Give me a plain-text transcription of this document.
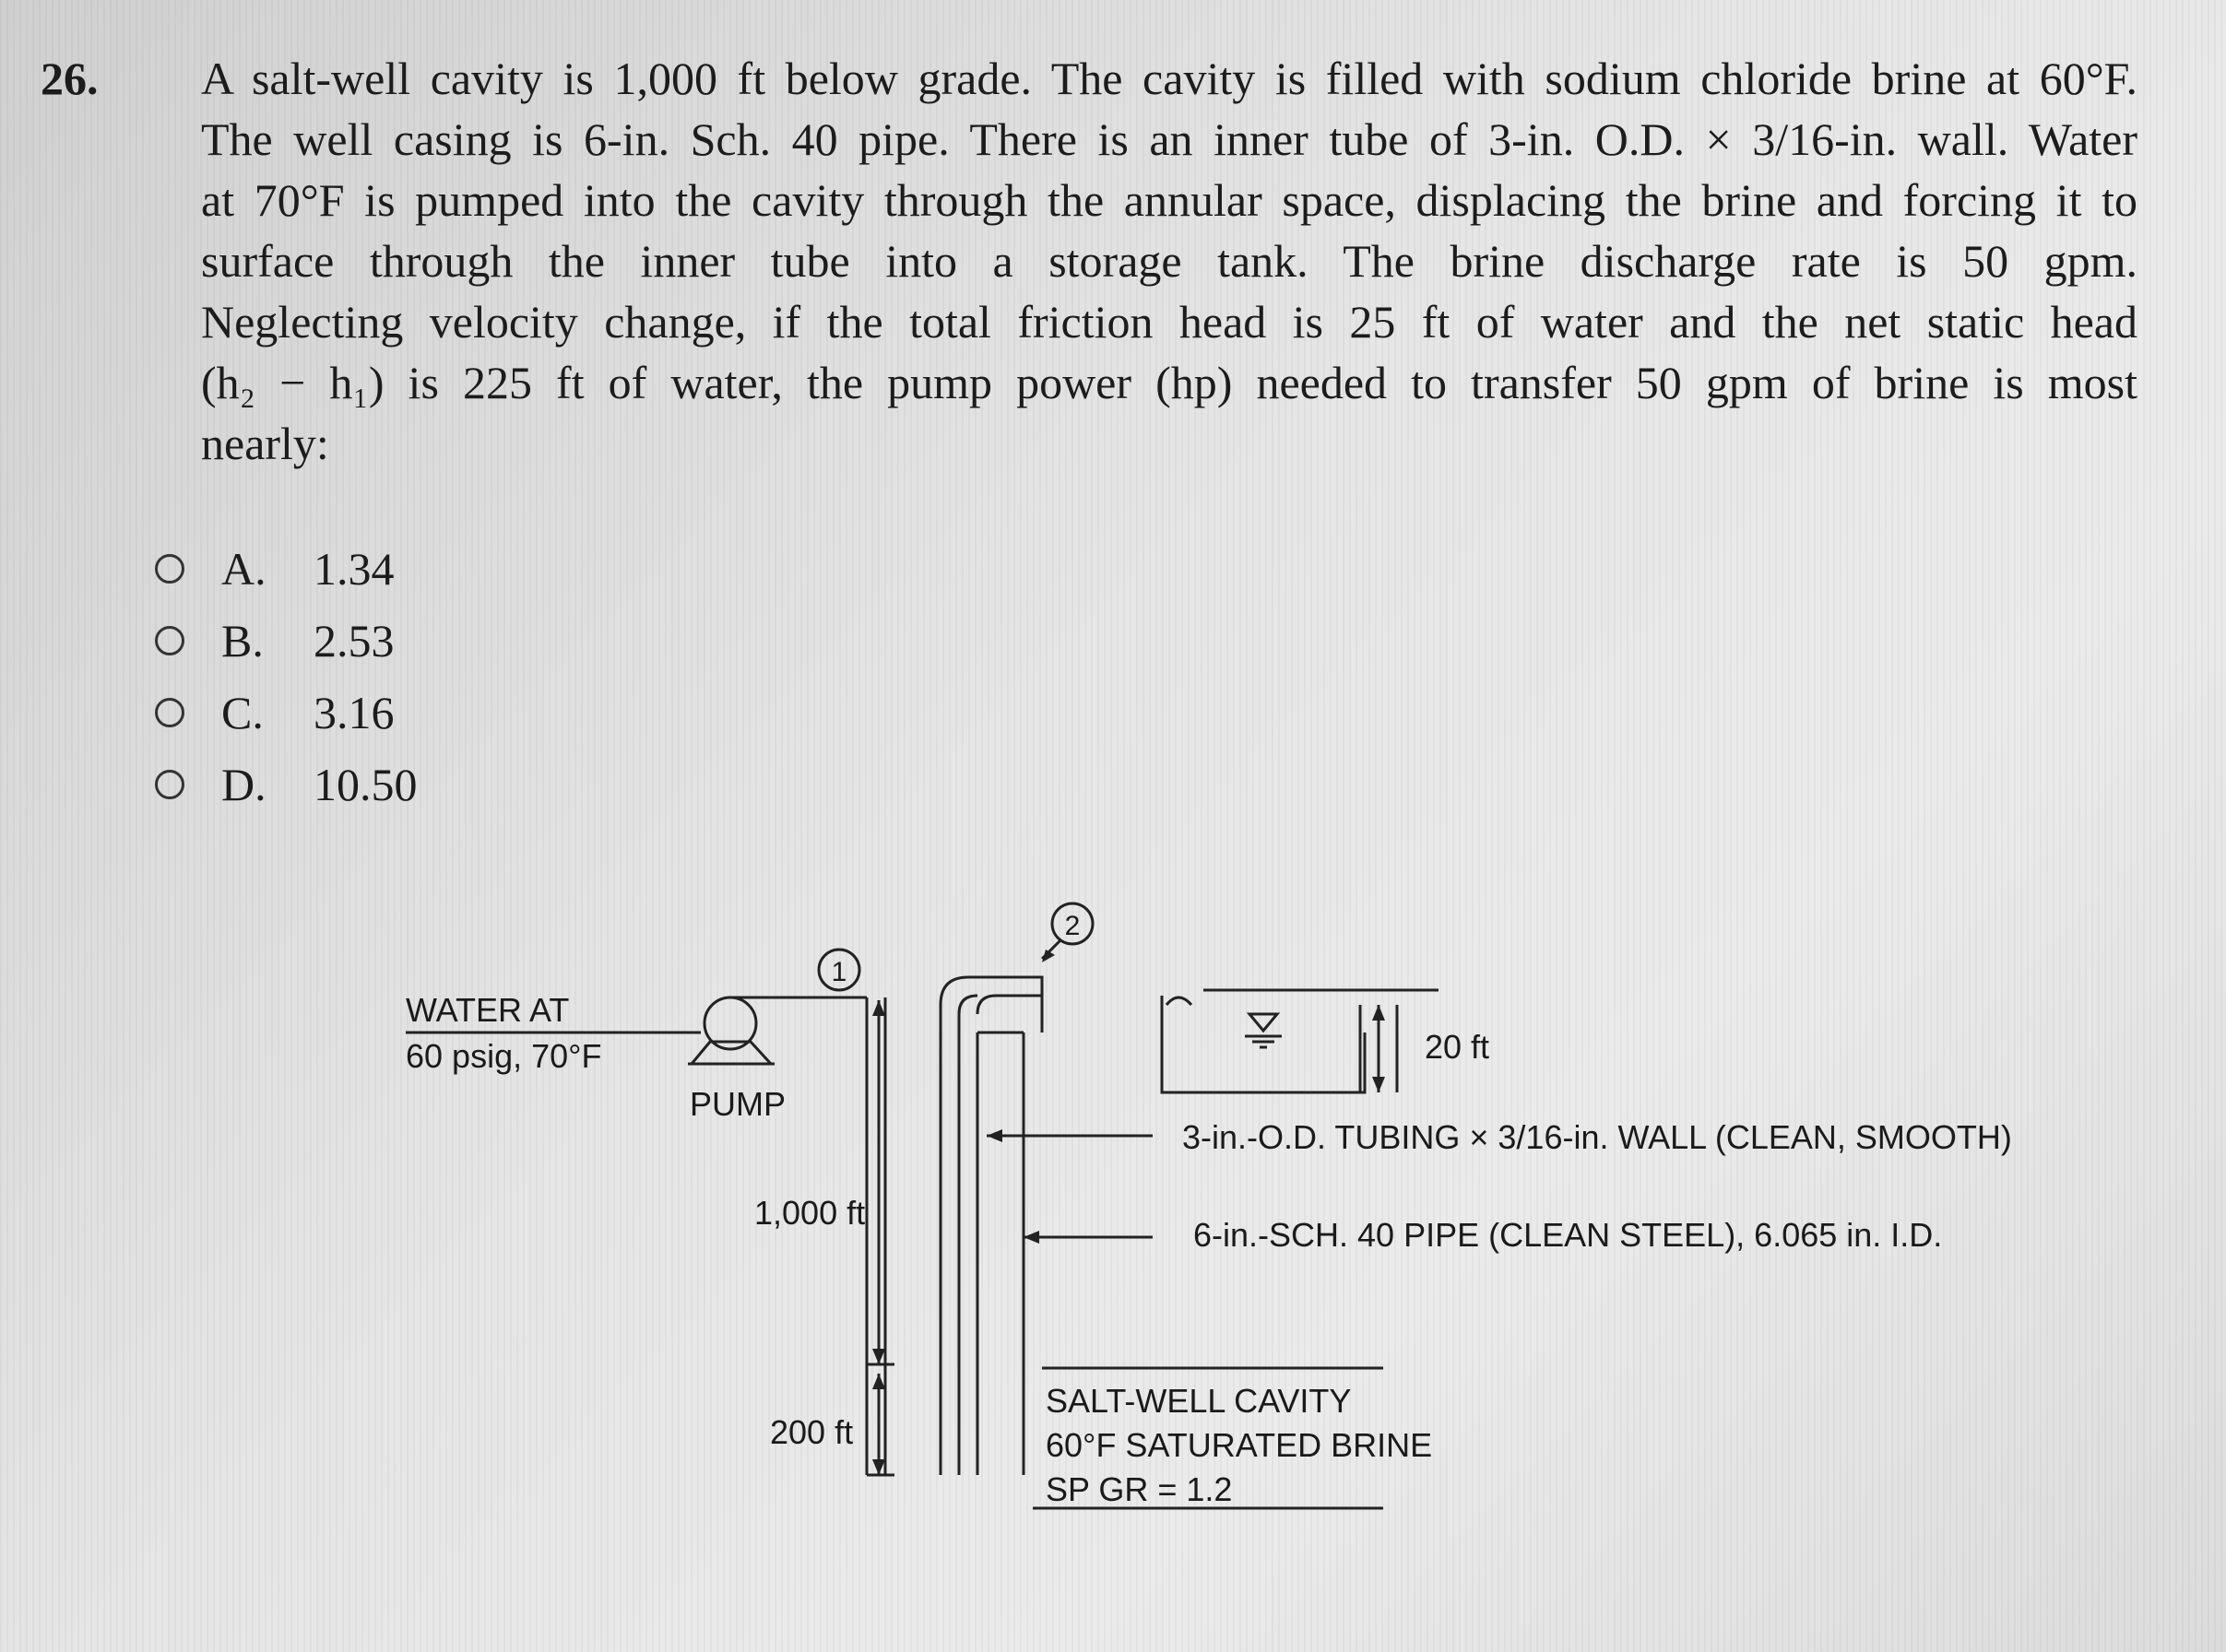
26. A salt-well cavity is 1,000 ft below grade. The cavity is filled with sodium chloride brine at 60°F.
The well casing is 6-in. Sch. 40 pipe. There is an inner tube of 3-in. O.D. × 3/16-in. wall. Water
at 70°F is pumped into the cavity through the annular space, displacing the brine and forcing it to
surface through the inner tube into a storage tank. The brine discharge rate is 50 gpm.
Neglecting velocity change, if the total friction head is 25 ft of water and the net static head
(h₂ − h₁) is 225 ft of water, the pump power (hp) needed to transfer 50 gpm of brine is most
nearly:
A.	1.34
B.	2.53
C.	3.16
D.	10.50
WATER AT
60 psig, 70°F
PUMP
1
2
1,000 ft
200 ft
20 ft
3-in.-O.D. TUBING × 3/16-in. WALL (CLEAN, SMOOTH)
6-in.-SCH. 40 PIPE (CLEAN STEEL), 6.065 in. I.D.
SALT-WELL CAVITY
60°F SATURATED BRINE
SP GR = 1.2
